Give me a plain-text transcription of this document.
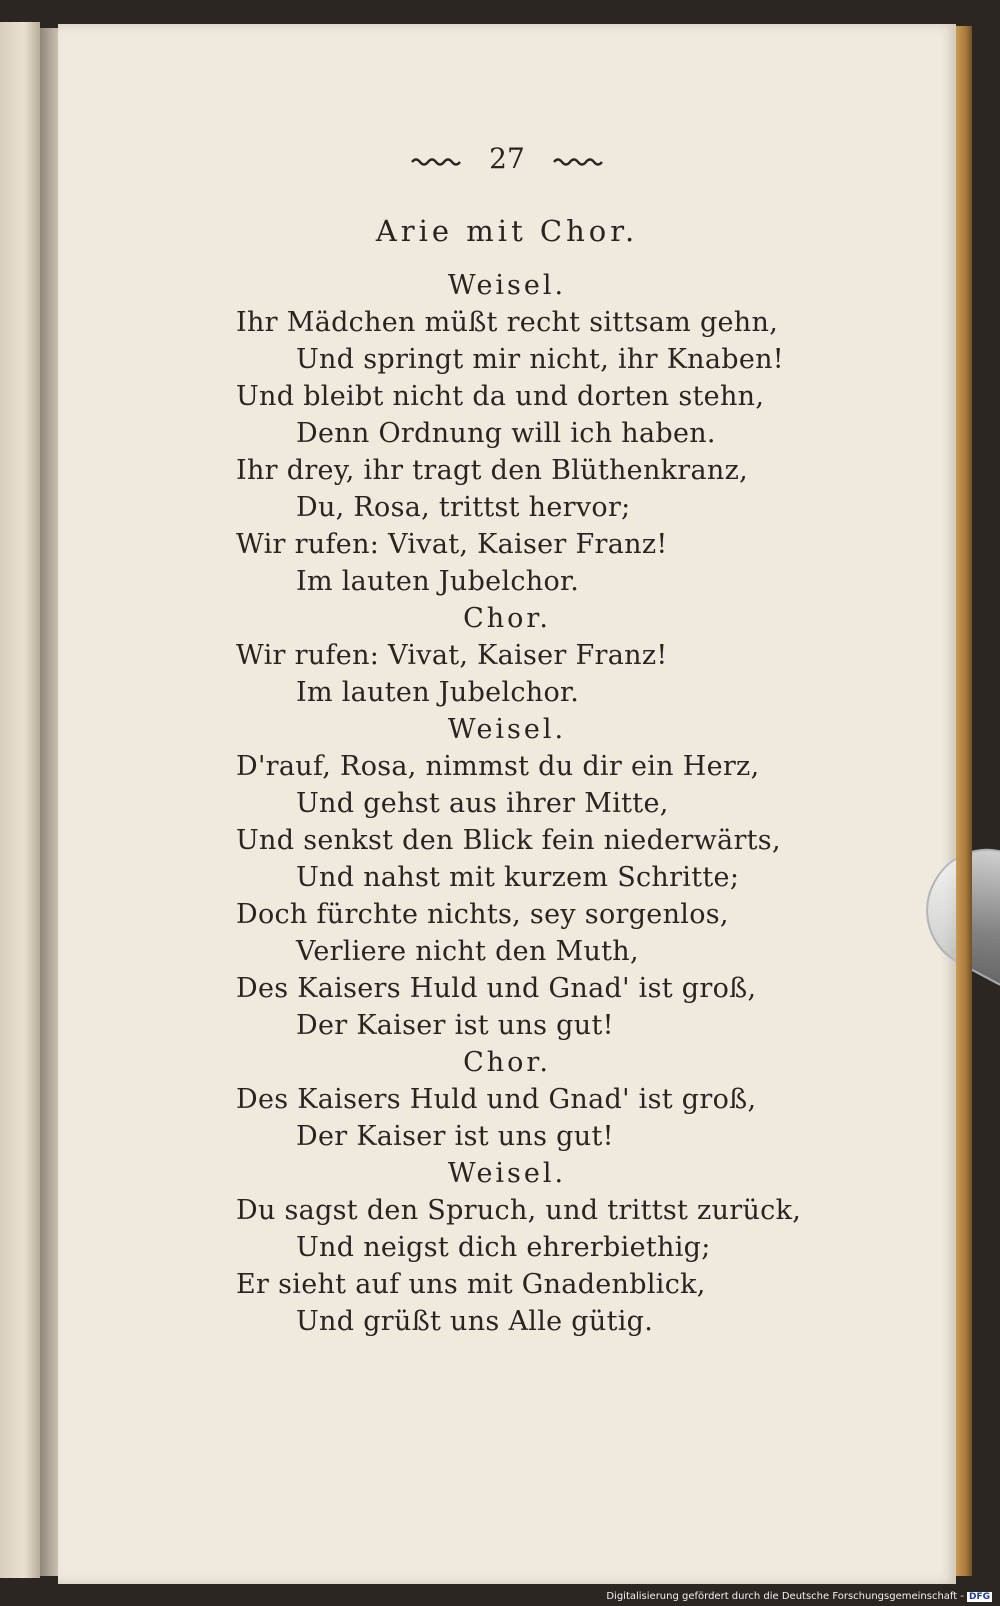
27
Arie mit Chor.
Weisel.
Ihr Mädchen müßt recht sittsam gehn,
Und springt mir nicht, ihr Knaben!
Und bleibt nicht da und dorten stehn,
Denn Ordnung will ich haben.
Ihr drey, ihr tragt den Blüthenkranz,
Du, Rosa, trittst hervor;
Wir rufen: Vivat, Kaiser Franz!
Im lauten Jubelchor.
Chor.
Wir rufen: Vivat, Kaiser Franz!
Im lauten Jubelchor.
Weisel.
D'rauf, Rosa, nimmst du dir ein Herz,
Und gehst aus ihrer Mitte,
Und senkst den Blick fein niederwärts,
Und nahst mit kurzem Schritte;
Doch fürchte nichts, sey sorgenlos,
Verliere nicht den Muth,
Des Kaisers Huld und Gnad' ist groß,
Der Kaiser ist uns gut!
Chor.
Des Kaisers Huld und Gnad' ist groß,
Der Kaiser ist uns gut!
Weisel.
Du sagst den Spruch, und trittst zurück,
Und neigst dich ehrerbiethig;
Er sieht auf uns mit Gnadenblick,
Und grüßt uns Alle gütig.
Digitalisierung gefördert durch die Deutsche Forschungsgemeinschaft - DFG
